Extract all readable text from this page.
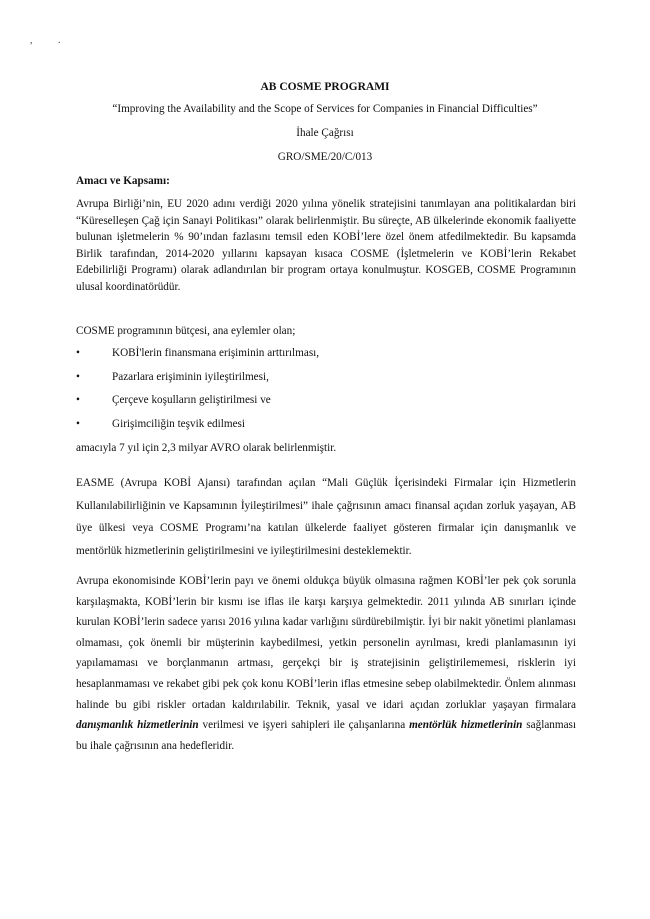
,	.
AB COSME PROGRAMI
“Improving the Availability and the Scope of Services for Companies in Financial Difficulties”
İhale Çağrısı
GRO/SME/20/C/013
Amacı ve Kapsamı:

Avrupa Birliği’nin, EU 2020 adını verdiği 2020 yılına yönelik stratejisini tanımlayan ana politikalardan biri “Küreselleşen Çağ için Sanayi Politikası” olarak belirlenmiştir. Bu süreçte, AB ülkelerinde ekonomik faaliyette bulunan işletmelerin % 90’ından fazlasını temsil eden KOBİ’lere özel önem atfedilmektedir. Bu kapsamda Birlik tarafından, 2014-2020 yıllarını kapsayan kısaca COSME (İşletmelerin ve KOBİ’lerin Rekabet Edebilirliği Programı) olarak adlandırılan bir program ortaya konulmuştur. KOSGEB, COSME Programının ulusal koordinatörüdür.

COSME programının bütçesi, ana eylemler olan;

•	KOBİ'lerin finansmana erişiminin arttırılması,
•	Pazarlara erişiminin iyileştirilmesi,
•	Çerçeve koşulların geliştirilmesi ve
•	Girişimciliğin teşvik edilmesi

amacıyla 7 yıl için 2,3 milyar AVRO olarak belirlenmiştir.

EASME (Avrupa KOBİ Ajansı) tarafından açılan “Mali Güçlük İçerisindeki Firmalar için Hizmetlerin Kullanılabilirliğinin ve Kapsamının İyileştirilmesi” ihale çağrısının amacı finansal açıdan zorluk yaşayan, AB üye ülkesi veya COSME Programı’na katılan ülkelerde faaliyet gösteren firmalar için danışmanlık ve mentörlük hizmetlerinin geliştirilmesini ve iyileştirilmesini desteklemektir.

Avrupa ekonomisinde KOBİ’lerin payı ve önemi oldukça büyük olmasına rağmen KOBİ’ler pek çok sorunla karşılaşmakta, KOBİ’lerin bir kısmı ise iflas ile karşı karşıya gelmektedir. 2011 yılında AB sınırları içinde kurulan KOBİ’lerin sadece yarısı 2016 yılına kadar varlığını sürdürebilmiştir. İyi bir nakit yönetimi planlaması olmaması, çok önemli bir müşterinin kaybedilmesi, yetkin personelin ayrılması, kredi planlamasının iyi yapılamaması ve borçlanmanın artması, gerçekçi bir iş stratejisinin geliştirilememesi, risklerin iyi hesaplanmaması ve rekabet gibi pek çok konu KOBİ’lerin iflas etmesine sebep olabilmektedir. Önlem alınması halinde bu gibi riskler ortadan kaldırılabilir. Teknik, yasal ve idari açıdan zorluklar yaşayan firmalara danışmanlık hizmetlerinin verilmesi ve işyeri sahipleri ile çalışanlarına mentörlük hizmetlerinin sağlanması bu ihale çağrısının ana hedefleridir.
